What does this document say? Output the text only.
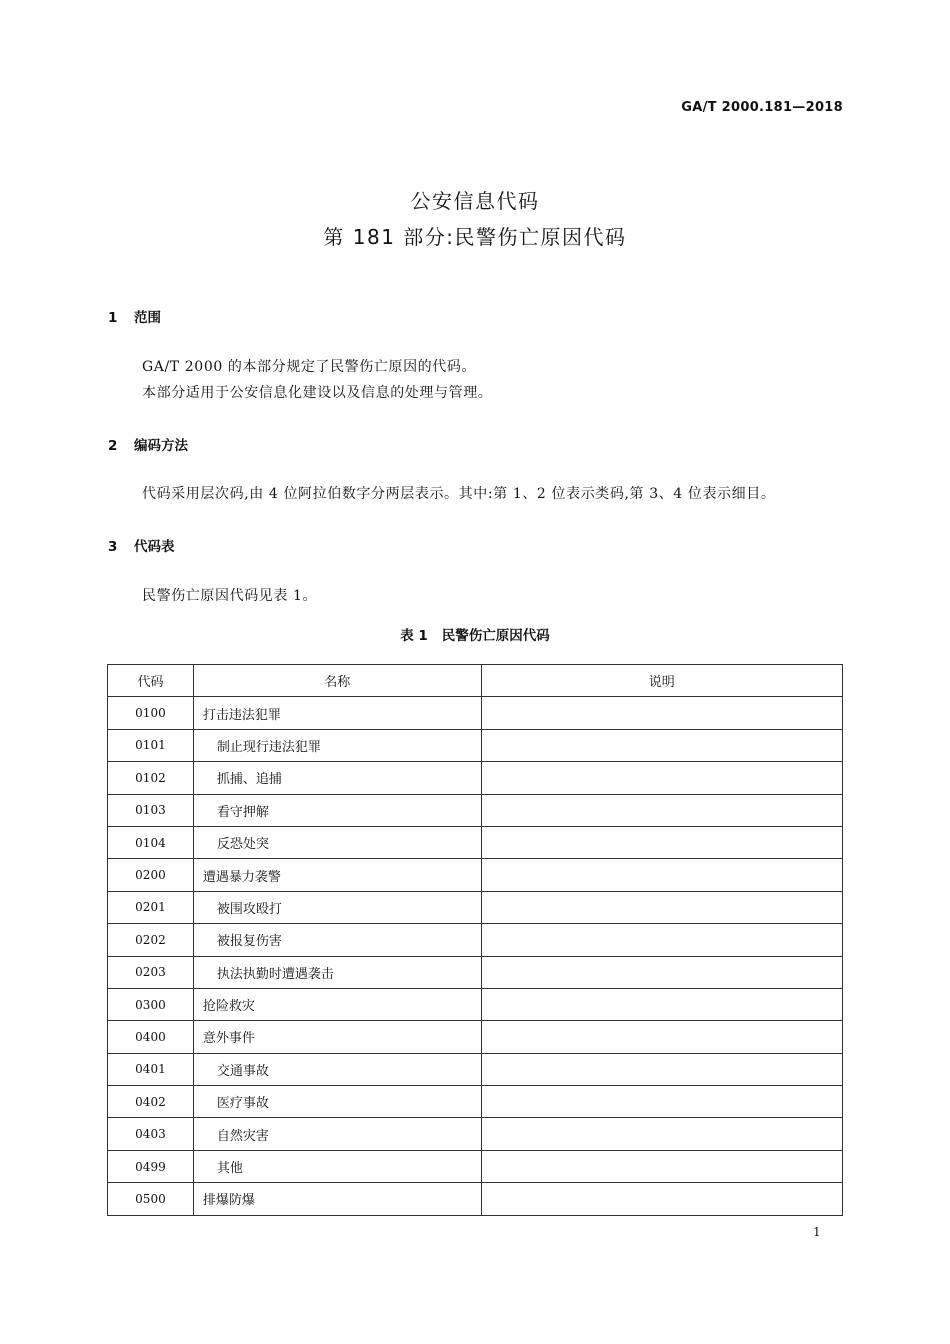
GA/T 2000.181—2018
公安信息代码
第 181 部分:民警伤亡原因代码
1 范围
GA/T 2000 的本部分规定了民警伤亡原因的代码。
本部分适用于公安信息化建设以及信息的处理与管理。
2 编码方法
代码采用层次码,由 4 位阿拉伯数字分两层表示。其中:第 1、2 位表示类码,第 3、4 位表示细目。
3 代码表
民警伤亡原因代码见表 1。
表 1 民警伤亡原因代码
代码	名称	说明
0100	打击违法犯罪	
0101	制止现行违法犯罪	
0102	抓捕、追捕	
0103	看守押解	
0104	反恐处突	
0200	遭遇暴力袭警	
0201	被围攻殴打	
0202	被报复伤害	
0203	执法执勤时遭遇袭击	
0300	抢险救灾	
0400	意外事件	
0401	交通事故	
0402	医疗事故	
0403	自然灾害	
0499	其他	
0500	排爆防爆	
1
